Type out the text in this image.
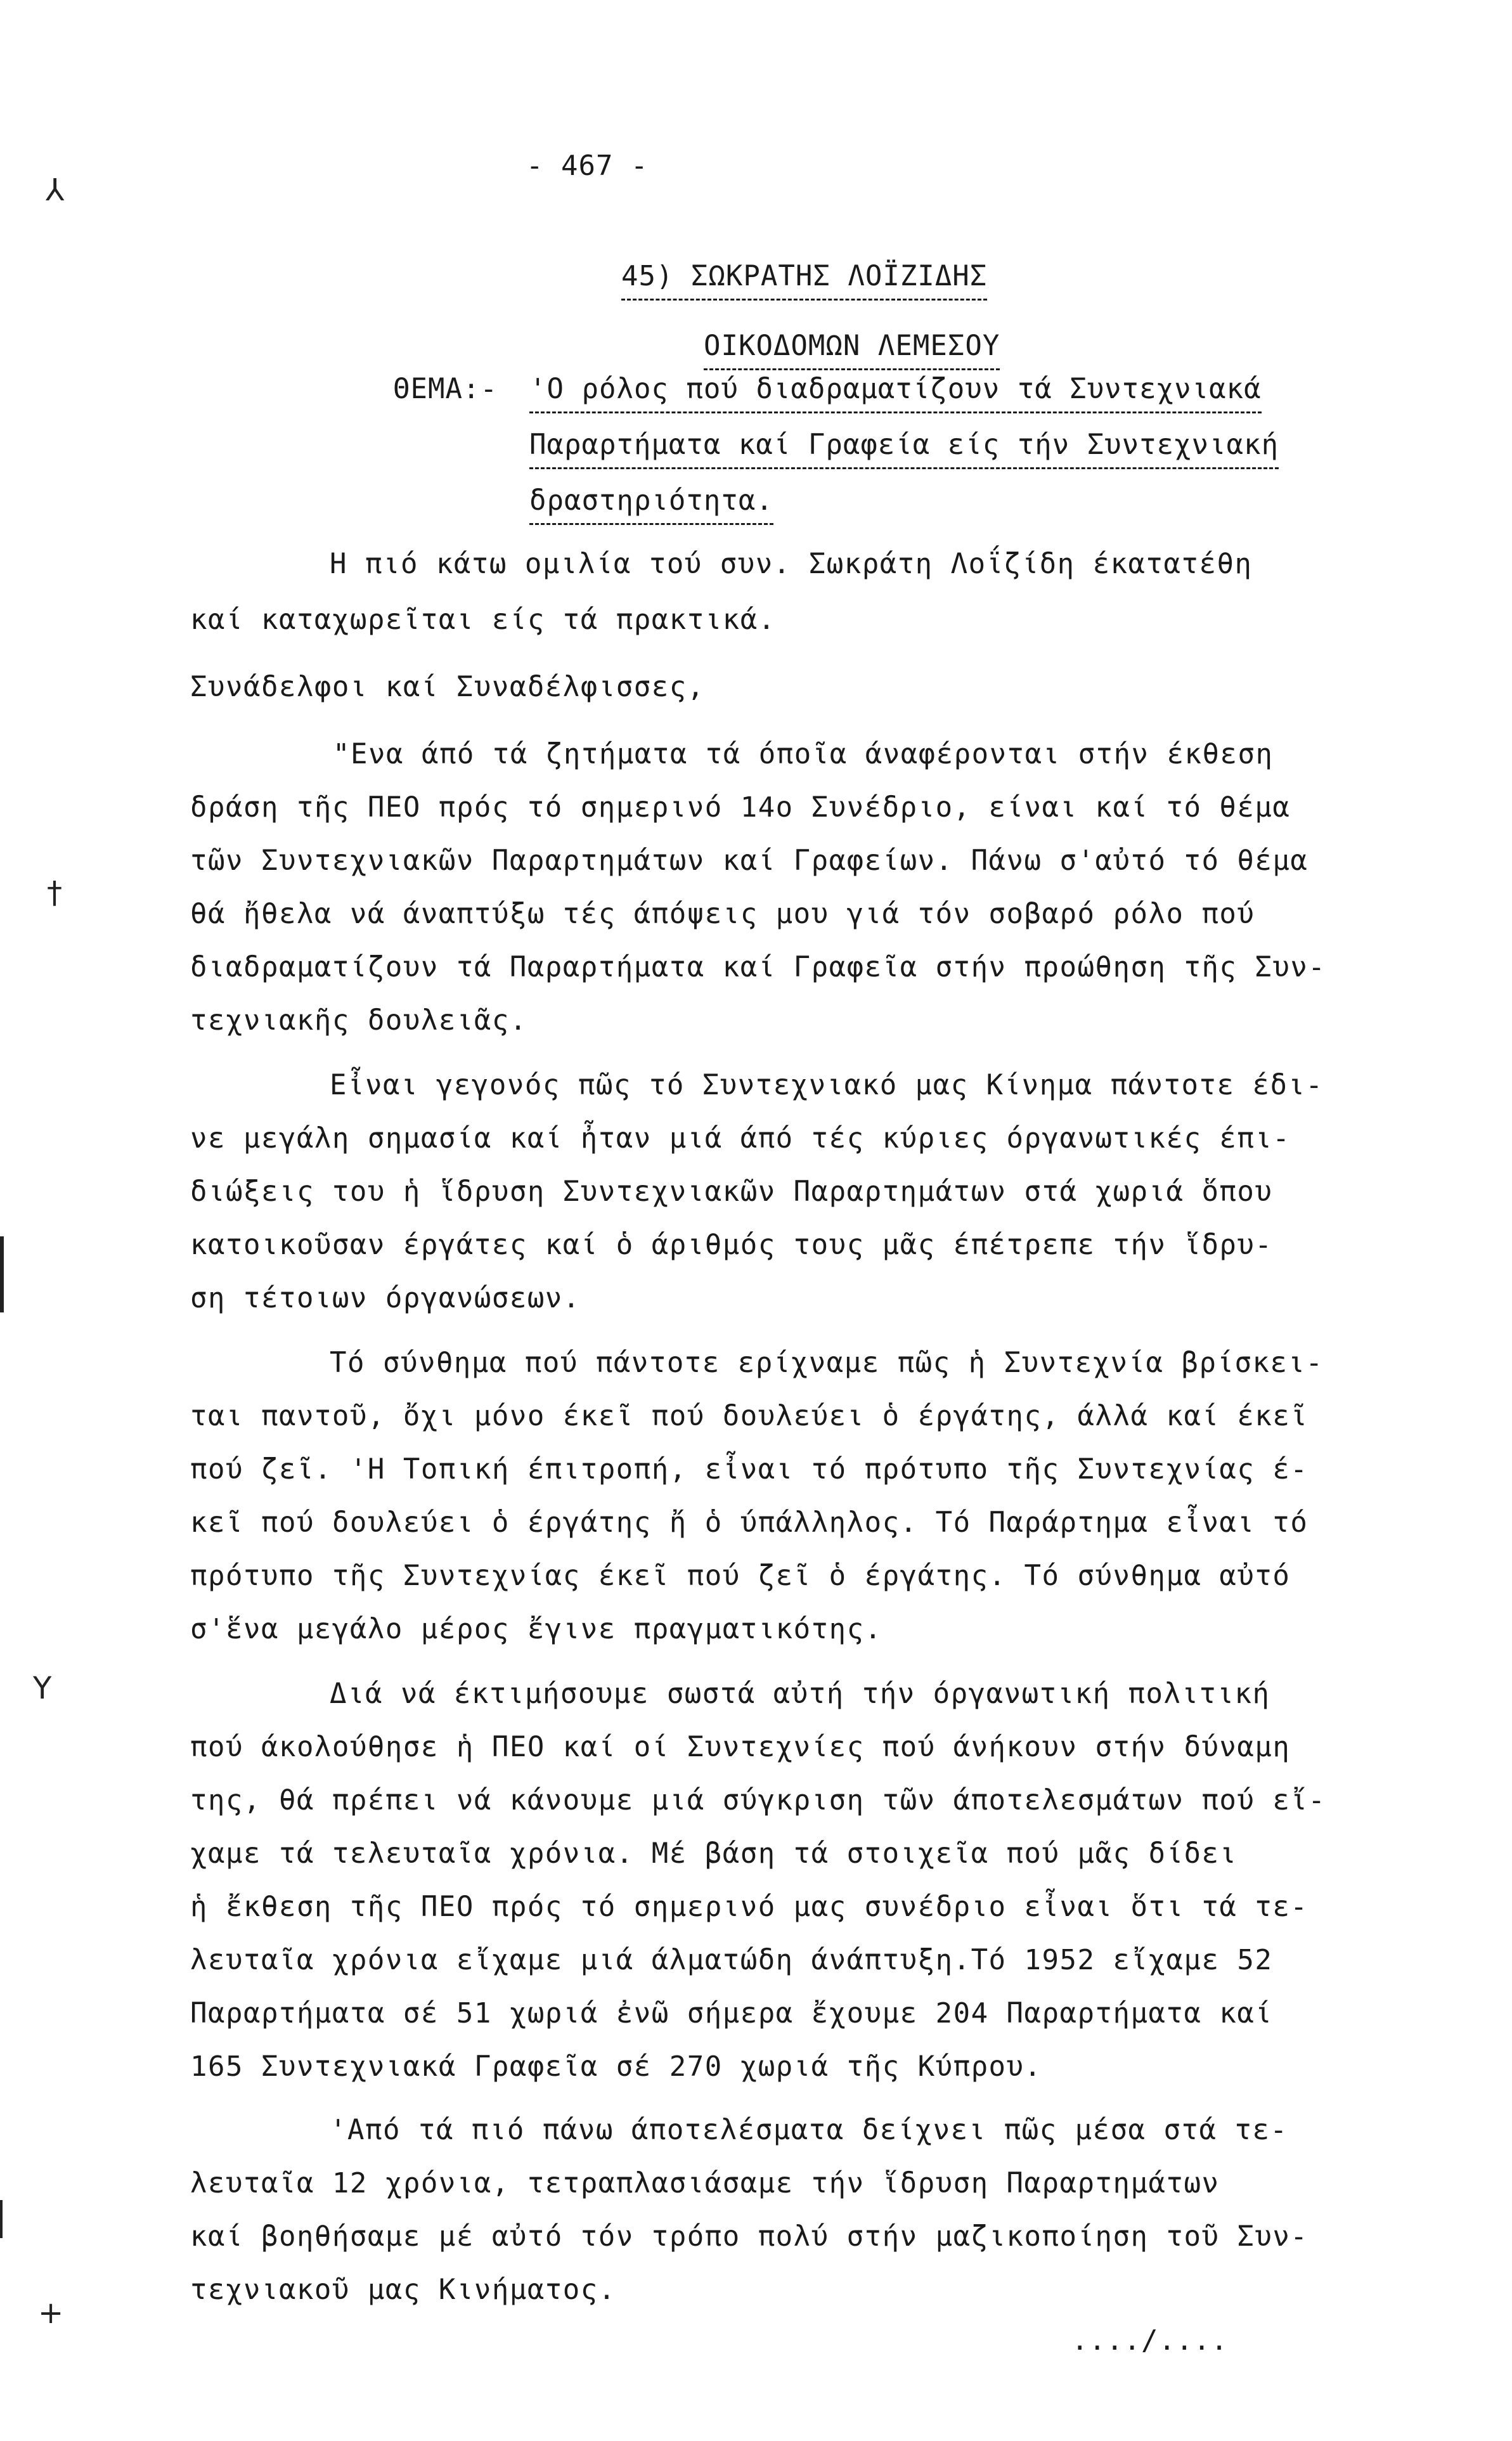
⅄
†
Y
+
- 467 -

45) ΣΩΚΡΑΤΗΣ ΛΟΪΖΙΔΗΣ

ΟΙΚΟΔΟΜΩΝ ΛΕΜΕΣΟΥ

ΘΕΜΑ:- 'Ο ρόλος πού διαδραματίζουν τά Συντεχνιακά
Παραρτήματα καί Γραφεία είς τήν Συντεχνιακή
δραστηριότητα.
Η πιό κάτω ομιλία τού συν. Σωκράτη Λοΐζίδη έκατατέθη
καί καταχωρεῖται είς τά πρακτικά.
Συνάδελφοι καί Συναδέλφισσες,
"Ενα άπό τά ζητήματα τά όποῖα άναφέρονται στήν έκθεση
δράση τῆς ΠΕΟ πρός τό σημερινό 14ο Συνέδριο, είναι καί τό θέμα
τῶν Συντεχνιακῶν Παραρτημάτων καί Γραφείων. Πάνω σ'αὐτό τό θέμα
θά ἤθελα νά άναπτύξω τές άπόψεις μου γιά τόν σοβαρό ρόλο πού
διαδραματίζουν τά Παραρτήματα καί Γραφεῖα στήν προώθηση τῆς Συν-
τεχνιακῆς δουλειᾶς.
Εἶναι γεγονός πῶς τό Συντεχνιακό μας Κίνημα πάντοτε έδι-
νε μεγάλη σημασία καί ἦταν μιά άπό τές κύριες όργανωτικές έπι-
διώξεις του ἡ ἵδρυση Συντεχνιακῶν Παραρτημάτων στά χωριά ὅπου
κατοικοῦσαν έργάτες καί ὁ άριθμός τους μᾶς έπέτρεπε τήν ἵδρυ-
ση τέτοιων όργανώσεων.
Τό σύνθημα πού πάντοτε ερίχναμε πῶς ἡ Συντεχνία βρίσκει-
ται παντοῦ, ὄχι μόνο έκεῖ πού δουλεύει ὁ έργάτης, άλλά καί έκεῖ
πού ζεῖ. 'Η Τοπική έπιτροπή, εἶναι τό πρότυπο τῆς Συντεχνίας έ-
κεῖ πού δουλεύει ὁ έργάτης ἤ ὁ ύπάλληλος. Τό Παράρτημα εἶναι τό
πρότυπο τῆς Συντεχνίας έκεῖ πού ζεῖ ὁ έργάτης. Τό σύνθημα αὐτό
σ'ἕνα μεγάλο μέρος ἔγινε πραγματικότης.
Διά νά έκτιμήσουμε σωστά αὐτή τήν όργανωτική πολιτική
πού άκολούθησε ἡ ΠΕΟ καί οί Συντεχνίες πού άνήκουν στήν δύναμη
της, θά πρέπει νά κάνουμε μιά σύγκριση τῶν άποτελεσμάτων πού εἴ-
χαμε τά τελευταῖα χρόνια. Μέ βάση τά στοιχεῖα πού μᾶς δίδει
ἡ ἔκθεση τῆς ΠΕΟ πρός τό σημερινό μας συνέδριο εἶναι ὅτι τά τε-
λευταῖα χρόνια εἴχαμε μιά άλματώδη άνάπτυξη.Τό 1952 εἴχαμε 52
Παραρτήματα σέ 51 χωριά ἐνῶ σήμερα ἔχουμε 204 Παραρτήματα καί
165 Συντεχνιακά Γραφεῖα σέ 270 χωριά τῆς Κύπρου.
'Από τά πιό πάνω άποτελέσματα δείχνει πῶς μέσα στά τε-
λευταῖα 12 χρόνια, τετραπλασιάσαμε τήν ἵδρυση Παραρτημάτων
καί βοηθήσαμε μέ αὐτό τόν τρόπο πολύ στήν μαζικοποίηση τοῦ Συν-
τεχνιακοῦ μας Κινήματος.
..../....
